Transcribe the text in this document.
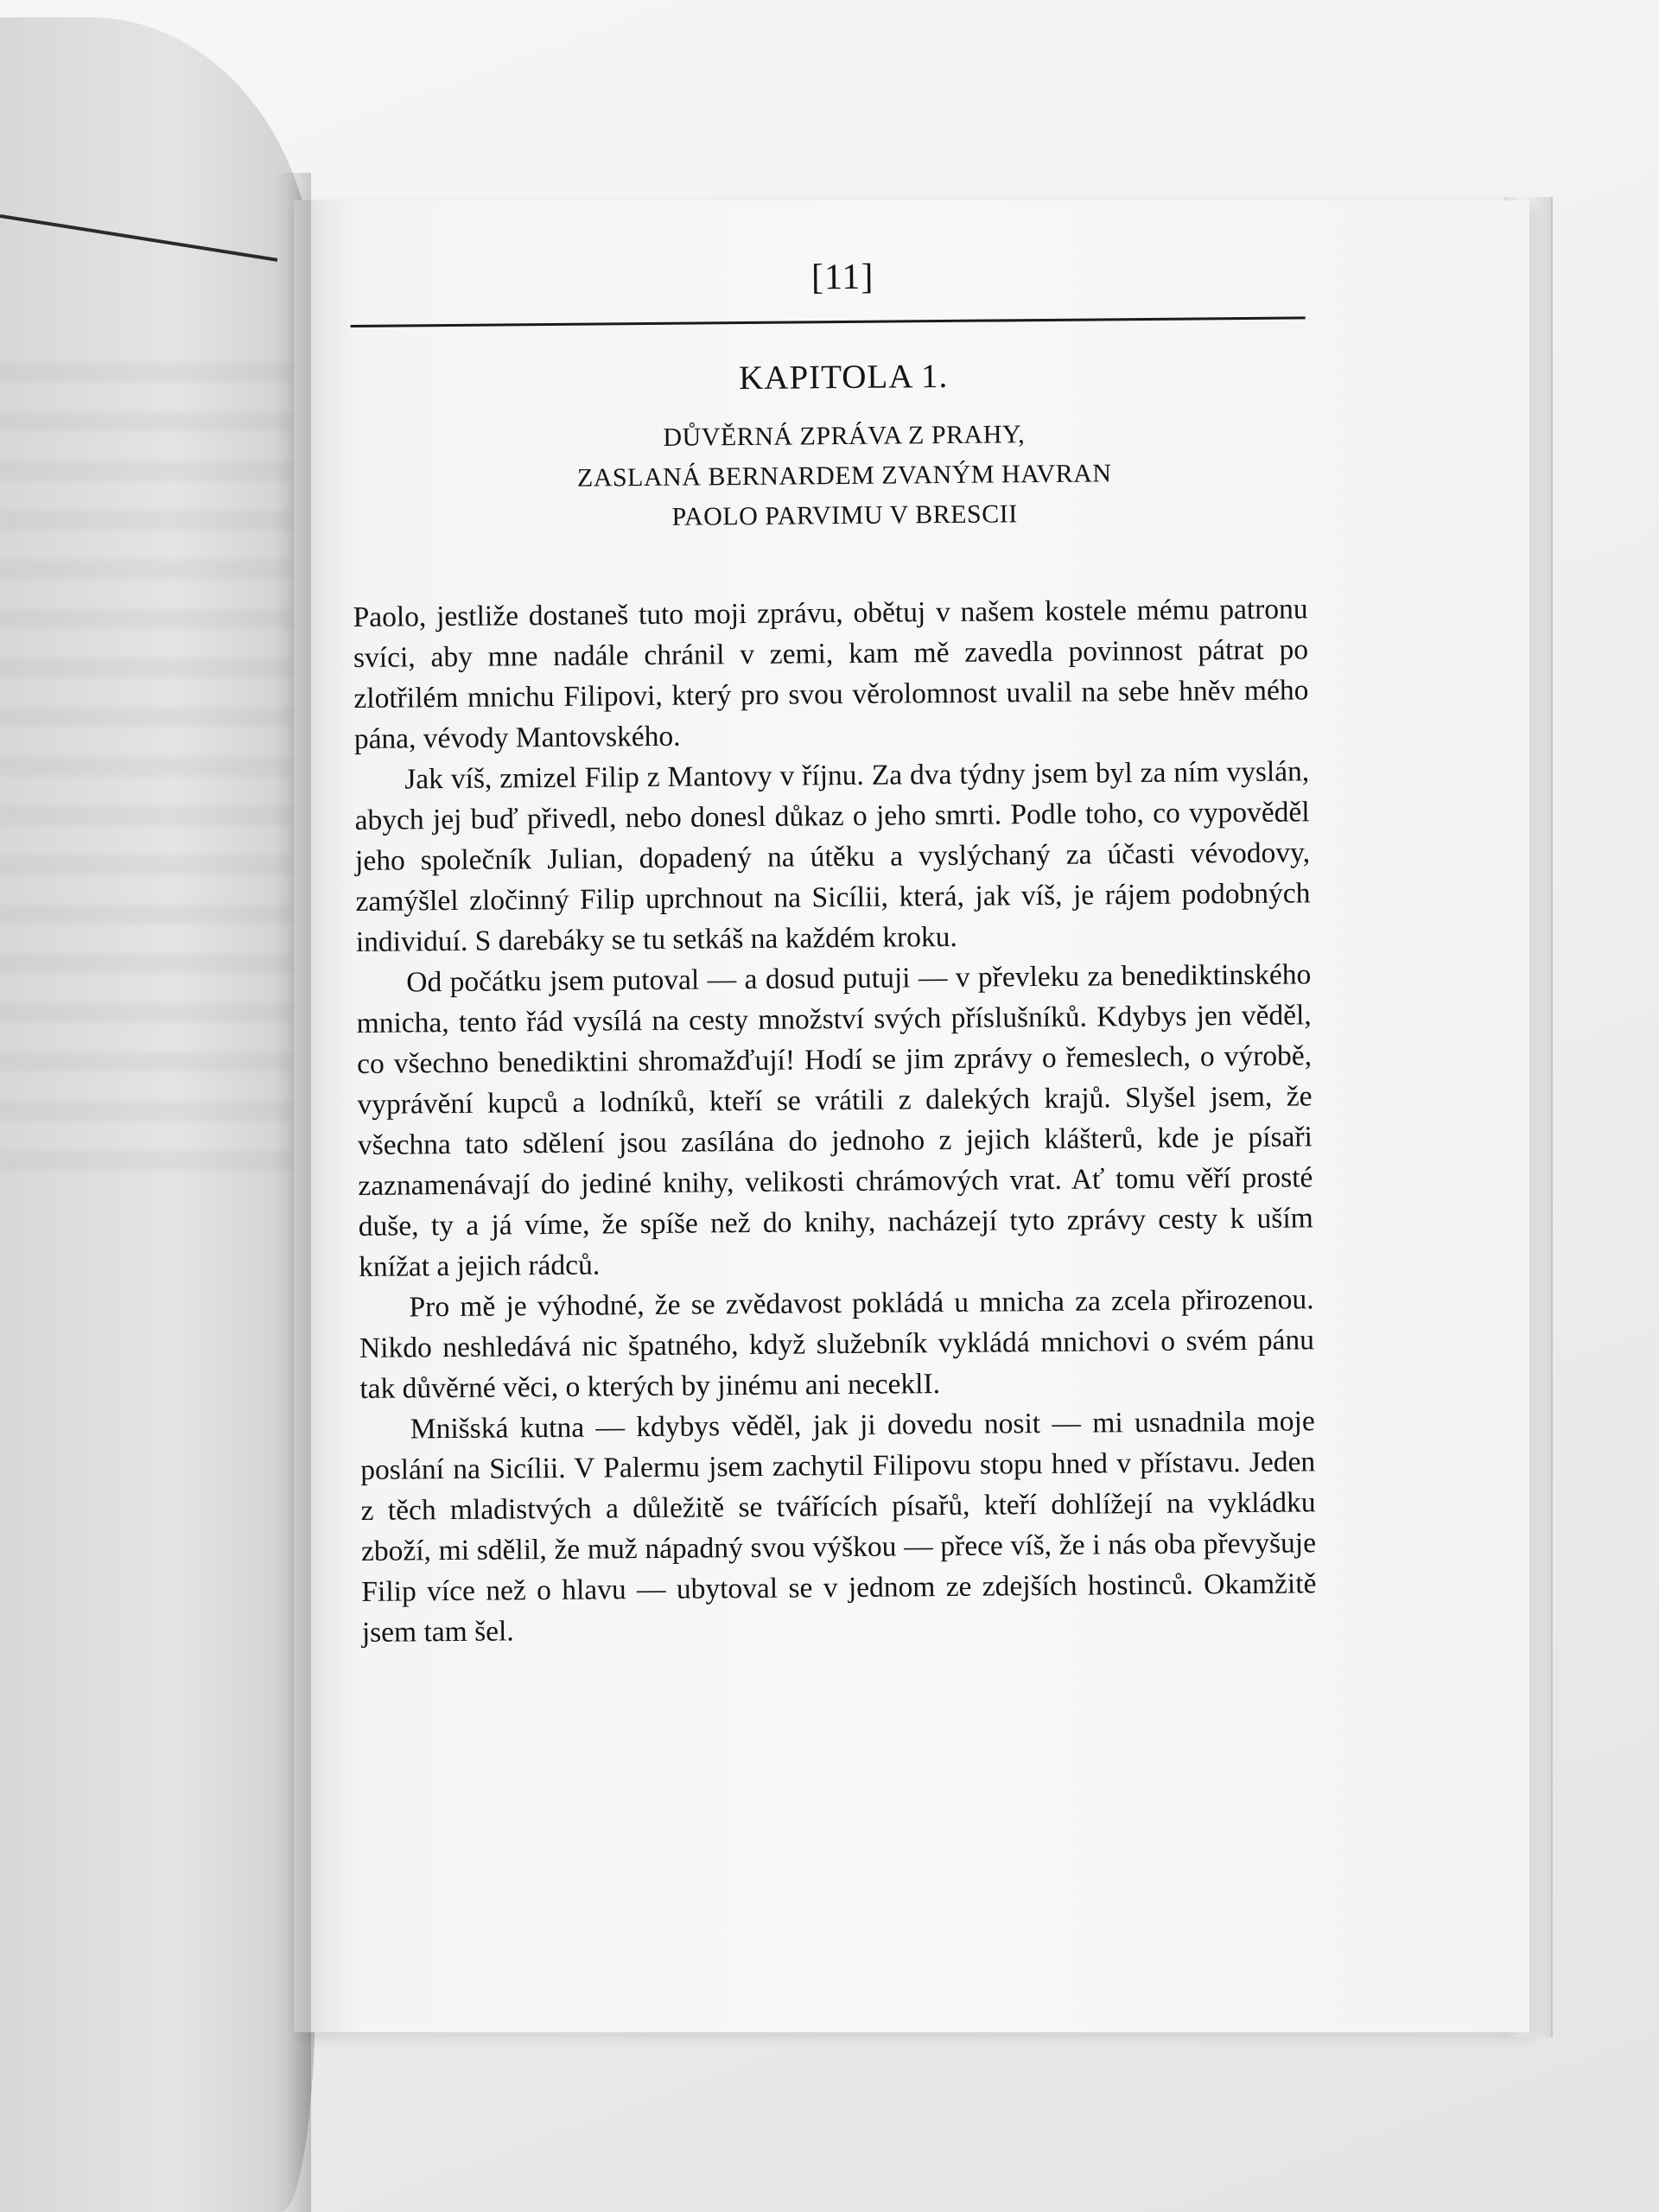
[11]
KAPITOLA 1.
DŮVĚRNÁ ZPRÁVA Z PRAHY,
ZASLANÁ BERNARDEM ZVANÝM HAVRAN
PAOLO PARVIMU V BRESCII

Paolo, jestliže dostaneš tuto moji zprávu, obětuj v našem kostele mému patronu svíci, aby mne nadále chránil v zemi, kam mě zavedla povinnost pátrat po zlotřilém mnichu Filipovi, který pro svou věrolomnost uvalil na sebe hněv mého pána, vévody Mantovského.

Jak víš, zmizel Filip z Mantovy v říjnu. Za dva týdny jsem byl za ním vyslán, abych jej buď přivedl, nebo donesl důkaz o jeho smrti. Podle toho, co vypověděl jeho společník Julian, dopadený na útěku a vyslýchaný za účasti vévodovy, zamýšlel zločinný Filip uprchnout na Sicílii, která, jak víš, je rájem podobných individuí. S darebáky se tu setkáš na každém kroku.

Od počátku jsem putoval — a dosud putuji — v převleku za benediktinského mnicha, tento řád vysílá na cesty množství svých příslušníků. Kdybys jen věděl, co všechno benediktini shromažďují! Hodí se jim zprávy o řemeslech, o výrobě, vyprávění kupců a lodníků, kteří se vrátili z dalekých krajů. Slyšel jsem, že všechna tato sdělení jsou zasílána do jednoho z jejich klášterů, kde je písaři zaznamenávají do jediné knihy, velikosti chrámových vrat. Ať tomu věří prosté duše, ty a já víme, že spíše než do knihy, nacházejí tyto zprávy cesty k uším knížat a jejich rádců.

Pro mě je výhodné, že se zvědavost pokládá u mnicha za zcela přirozenou. Nikdo neshledává nic špatného, když služebník vykládá mnichovi o svém pánu tak důvěrné věci, o kterých by jinému ani neceklI.

Mnišská kutna — kdybys věděl, jak ji dovedu nosit — mi usnadnila moje poslání na Sicílii. V Palermu jsem zachytil Filipovu stopu hned v přístavu. Jeden z těch mladistvých a důležitě se tvářících písařů, kteří dohlížejí na vykládku zboží, mi sdělil, že muž nápadný svou výškou — přece víš, že i nás oba převyšuje Filip více než o hlavu — ubytoval se v jednom ze zdejších hostinců. Okamžitě jsem tam šel.
